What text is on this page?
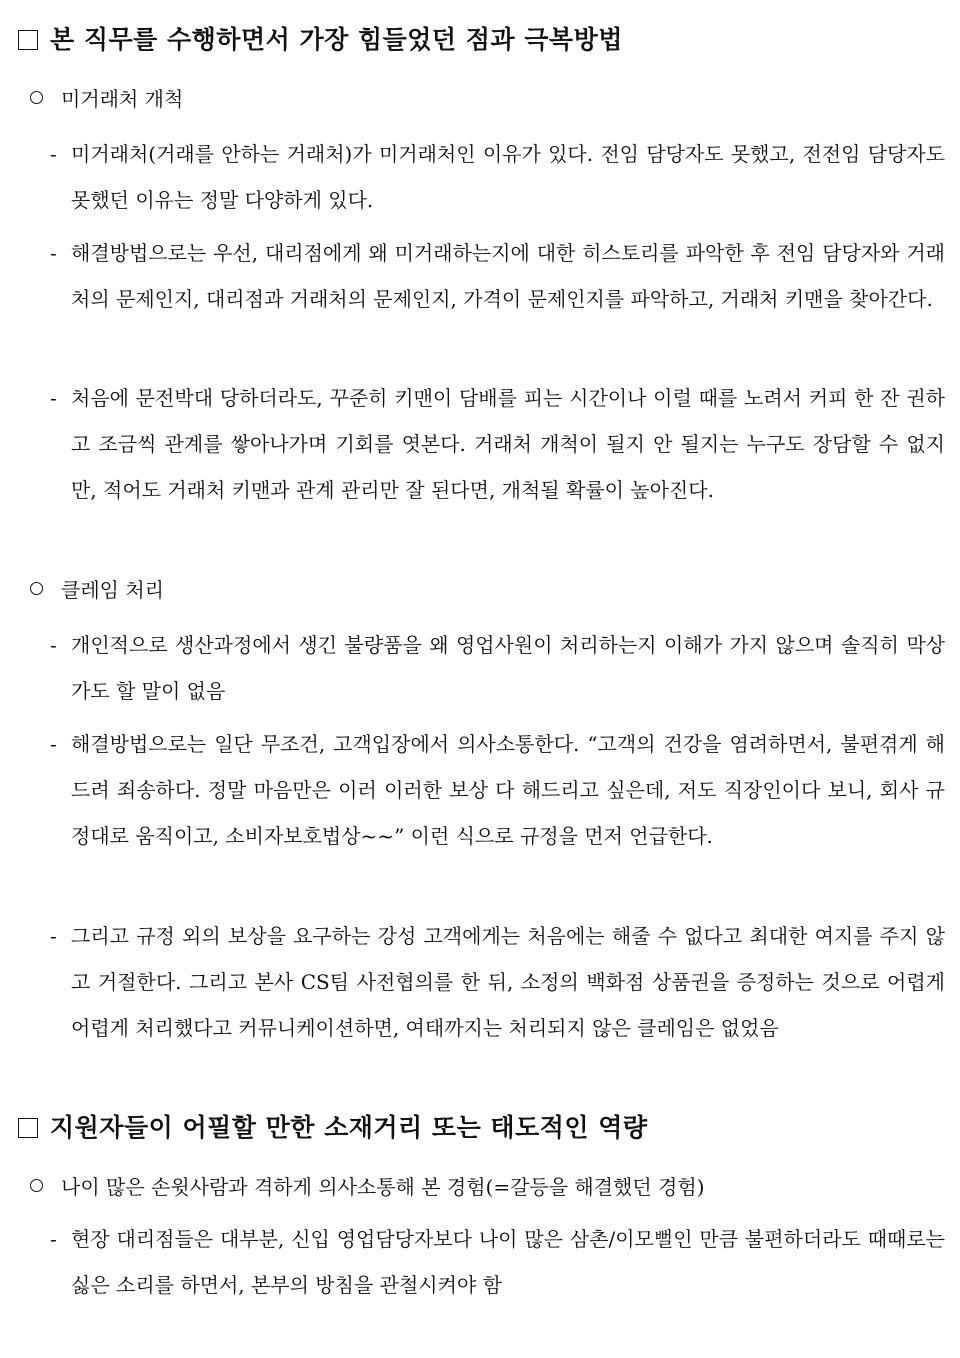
본 직무를 수행하면서 가장 힘들었던 점과 극복방법
미거래처 개척
- 미거래처(거래를 안하는 거래처)가 미거래처인 이유가 있다. 전임 담당자도 못했고, 전전임 담당자도 못했던 이유는 정말 다양하게 있다.
- 해결방법으로는 우선, 대리점에게 왜 미거래하는지에 대한 히스토리를 파악한 후 전임 담당자와 거래처의 문제인지, 대리점과 거래처의 문제인지, 가격이 문제인지를 파악하고, 거래처 키맨을 찾아간다.
- 처음에 문전박대 당하더라도, 꾸준히 키맨이 담배를 피는 시간이나 이럴 때를 노려서 커피 한 잔 권하고 조금씩 관계를 쌓아나가며 기회를 엿본다. 거래처 개척이 될지 안 될지는 누구도 장담할 수 없지만, 적어도 거래처 키맨과 관계 관리만 잘 된다면, 개척될 확률이 높아진다.
클레임 처리
- 개인적으로 생산과정에서 생긴 불량품을 왜 영업사원이 처리하는지 이해가 가지 않으며 솔직히 막상 가도 할 말이 없음
- 해결방법으로는 일단 무조건, 고객입장에서 의사소통한다. “고객의 건강을 염려하면서, 불편겪게 해드려 죄송하다. 정말 마음만은 이러 이러한 보상 다 해드리고 싶은데, 저도 직장인이다 보니, 회사 규정대로 움직이고, 소비자보호법상~~” 이런 식으로 규정을 먼저 언급한다.
- 그리고 규정 외의 보상을 요구하는 강성 고객에게는 처음에는 해줄 수 없다고 최대한 여지를 주지 않고 거절한다. 그리고 본사 CS팀 사전협의를 한 뒤, 소정의 백화점 상품권을 증정하는 것으로 어렵게 어렵게 처리했다고 커뮤니케이션하면, 여태까지는 처리되지 않은 클레임은 없었음
지원자들이 어필할 만한 소재거리 또는 태도적인 역량
나이 많은 손윗사람과 격하게 의사소통해 본 경험(=갈등을 해결했던 경험)
- 현장 대리점들은 대부분, 신입 영업담당자보다 나이 많은 삼촌/이모뻘인 만큼 불편하더라도 때때로는 싫은 소리를 하면서, 본부의 방침을 관철시켜야 함
